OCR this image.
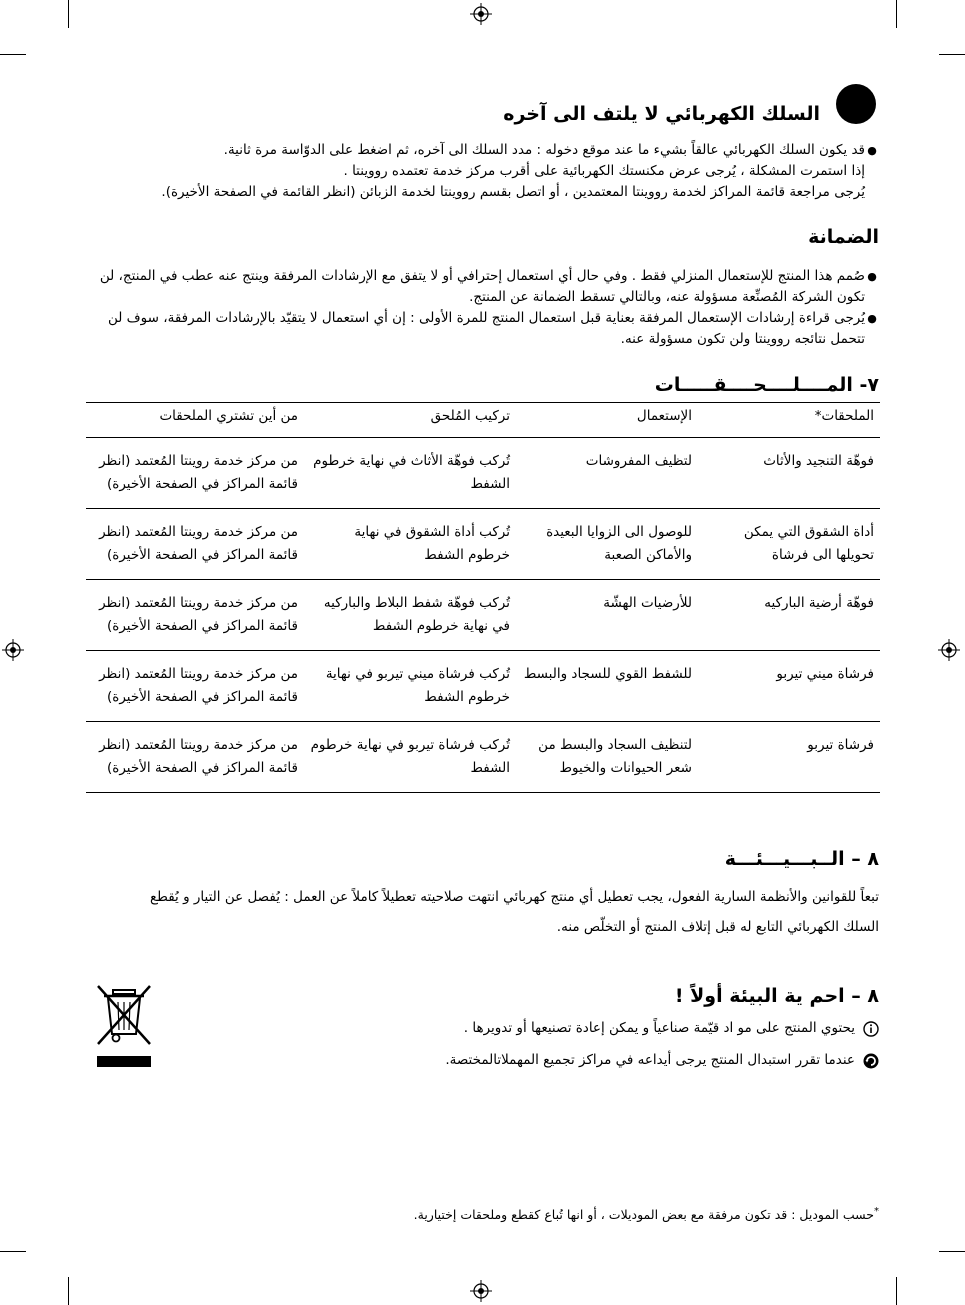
السلك الكهربائي لا يلتف الى آخره
●
قد يكون السلك الكهربائي عالقاً بشيء ما عند موقع دخوله : مدد السلك الى آخره، ثم اضغط على الدوّاسة مرة ثانية.
إذا استمرت المشكلة ، يُرجى عرض مكنستك الكهربائية على أقرب مركز خدمة تعتمده رووينتا .
يُرجى مراجعة قائمة المراكز لخدمة رووينتا المعتمدين ، أو اتصل بقسم رووينتا لخدمة الزبائن (انظر القائمة في الصفحة الأخيرة).
الضمانة
●
صُمم هذا المنتج للإستعمال المنزلي فقط . وفي حال أي استعمال إحترافي أو لا يتفق مع الإرشادات المرفقة وينتج عنه عطب في المنتج، لن
تكون الشركة المُصنِّعة مسؤولة عنه، وبالتالي تسقط الضمانة عن المنتج.
●
يُرجى قراءة إرشادات الإستعمال المرفقة بعناية قبل استعمال المنتج للمرة الأولى : إن أي استعمال لا يتقيّد بالإرشادات المرفقة، سوف لن
تتحمل نتائجه رووينتا ولن تكون مسؤولة عنه.
٧- المــــلــــحــــقـــــات
الملحقات*	الإستعمال	تركيب المُلحق	من أين تشتري الملحقات
فوهّة التنجيد والأثاث	لتظيف المفروشات	تُركب فوهّة الأثاث في نهاية خرطوم الشفط	من مركز خدمة روينتا المُعتمد (انظر قائمة المراكز في الصفحة الأخيرة)
أداة الشقوق التي يمكن تحويلها الى فرشاة	للوصول الى الزوايا البعيدة والأماكن الصعبة	تُركب أداة الشقوق في نهاية خرطوم الشفط	من مركز خدمة روينتا المُعتمد (انظر قائمة المراكز في الصفحة الأخيرة)
فوهّة أرضية الباركيه	للأرضيات الهشّة	تُركب فوهّة شفط البلاط والباركيه في نهاية خرطوم الشفط	من مركز خدمة روينتا المُعتمد (انظر قائمة المراكز في الصفحة الأخيرة)
فرشاة ميني تيربو	للشفط القوي للسجاد والبسط	تُركب فرشاة ميني تيربو في نهاية خرطوم الشفط	من مركز خدمة روينتا المُعتمد (انظر قائمة المراكز في الصفحة الأخيرة)
فرشاة تيربو	لتنظيف السجاد والبسط من شعر الحيوانات والخيوط	تُركب فرشاة تيربو في نهاية خرطوم الشفط	من مركز خدمة روينتا المُعتمد (انظر قائمة المراكز في الصفحة الأخيرة)
٨ – الــبـــيـــئـــة
تبعاً للقوانين والأنظمة السارية الفعول، يجب تعطيل أي منتج كهربائي انتهت صلاحيته تعطيلاً كاملاً عن العمل : يُفصل عن التيار و يُقطع
السلك الكهربائي التابع له قبل إتلاف المنتج أو التخلّص منه.
٨ – احم ية البيئة أولاً !
يحتوي المنتج على مو اد قيّمة صناعياً و يمكن إعادة تصنيعها أو تدويرها .
عندما تقرر استبدال المنتج يرجى أيداعه في مراكز تجميع المهملاتالمختصة.
*حسب الموديل : قد تكون مرفقة مع بعض الموديلات ، أو انها تُباع كقطع وملحقات إختيارية.
